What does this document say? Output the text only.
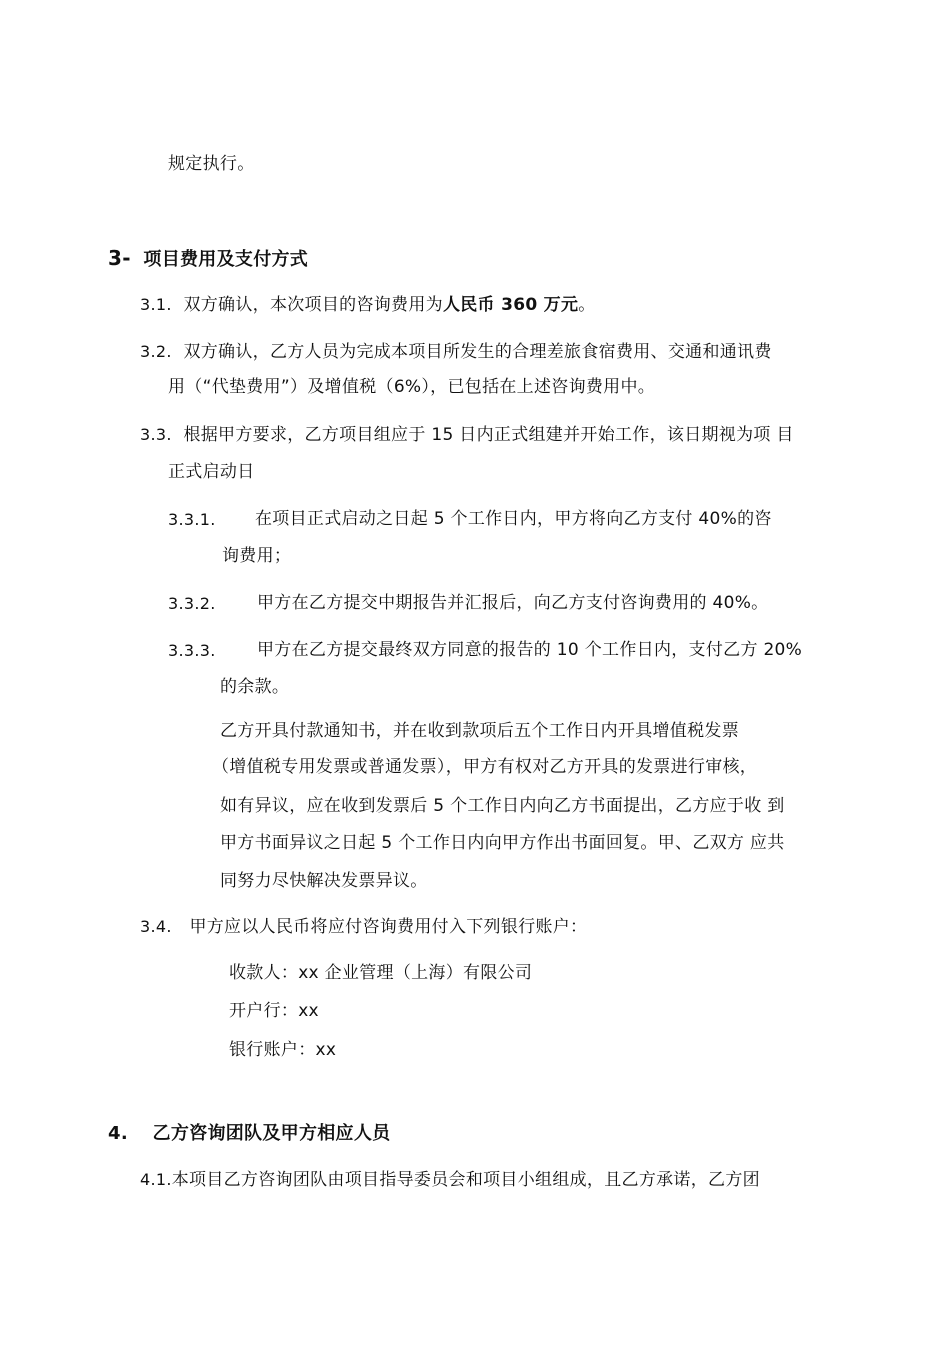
规定执行。
3- 项目费用及支付方式
3.1. 双方确认，本次项目的咨询费用为人民币 360 万元。
3.2. 双方确认，乙方人员为完成本项目所发生的合理差旅食宿费用、交通和通讯费
用（“代垫费用”）及增值税（6%），已包括在上述咨询费用中。
3.3. 根据甲方要求，乙方项目组应于 15 日内正式组建并开始工作，该日期视为项 目
正式启动日
3.3.1. 在项目正式启动之日起 5 个工作日内，甲方将向乙方支付 40%的咨
询费用；
3.3.2. 甲方在乙方提交中期报告并汇报后，向乙方支付咨询费用的 40%。
3.3.3. 甲方在乙方提交最终双方同意的报告的 10 个工作日内，支付乙方 20%
的余款。
乙方开具付款通知书，并在收到款项后五个工作日内开具增值税发票
（增值税专用发票或普通发票），甲方有权对乙方开具的发票进行审核，
如有异议，应在收到发票后 5 个工作日内向乙方书面提出，乙方应于收 到
甲方书面异议之日起 5 个工作日内向甲方作出书面回复。甲、乙双方 应共
同努力尽快解决发票异议。
3.4. 甲方应以人民币将应付咨询费用付入下列银行账户：
收款人：xx 企业管理（上海）有限公司
开户行：xx
银行账户：xx
4. 乙方咨询团队及甲方相应人员
4.1.本项目乙方咨询团队由项目指导委员会和项目小组组成，且乙方承诺，乙方团
